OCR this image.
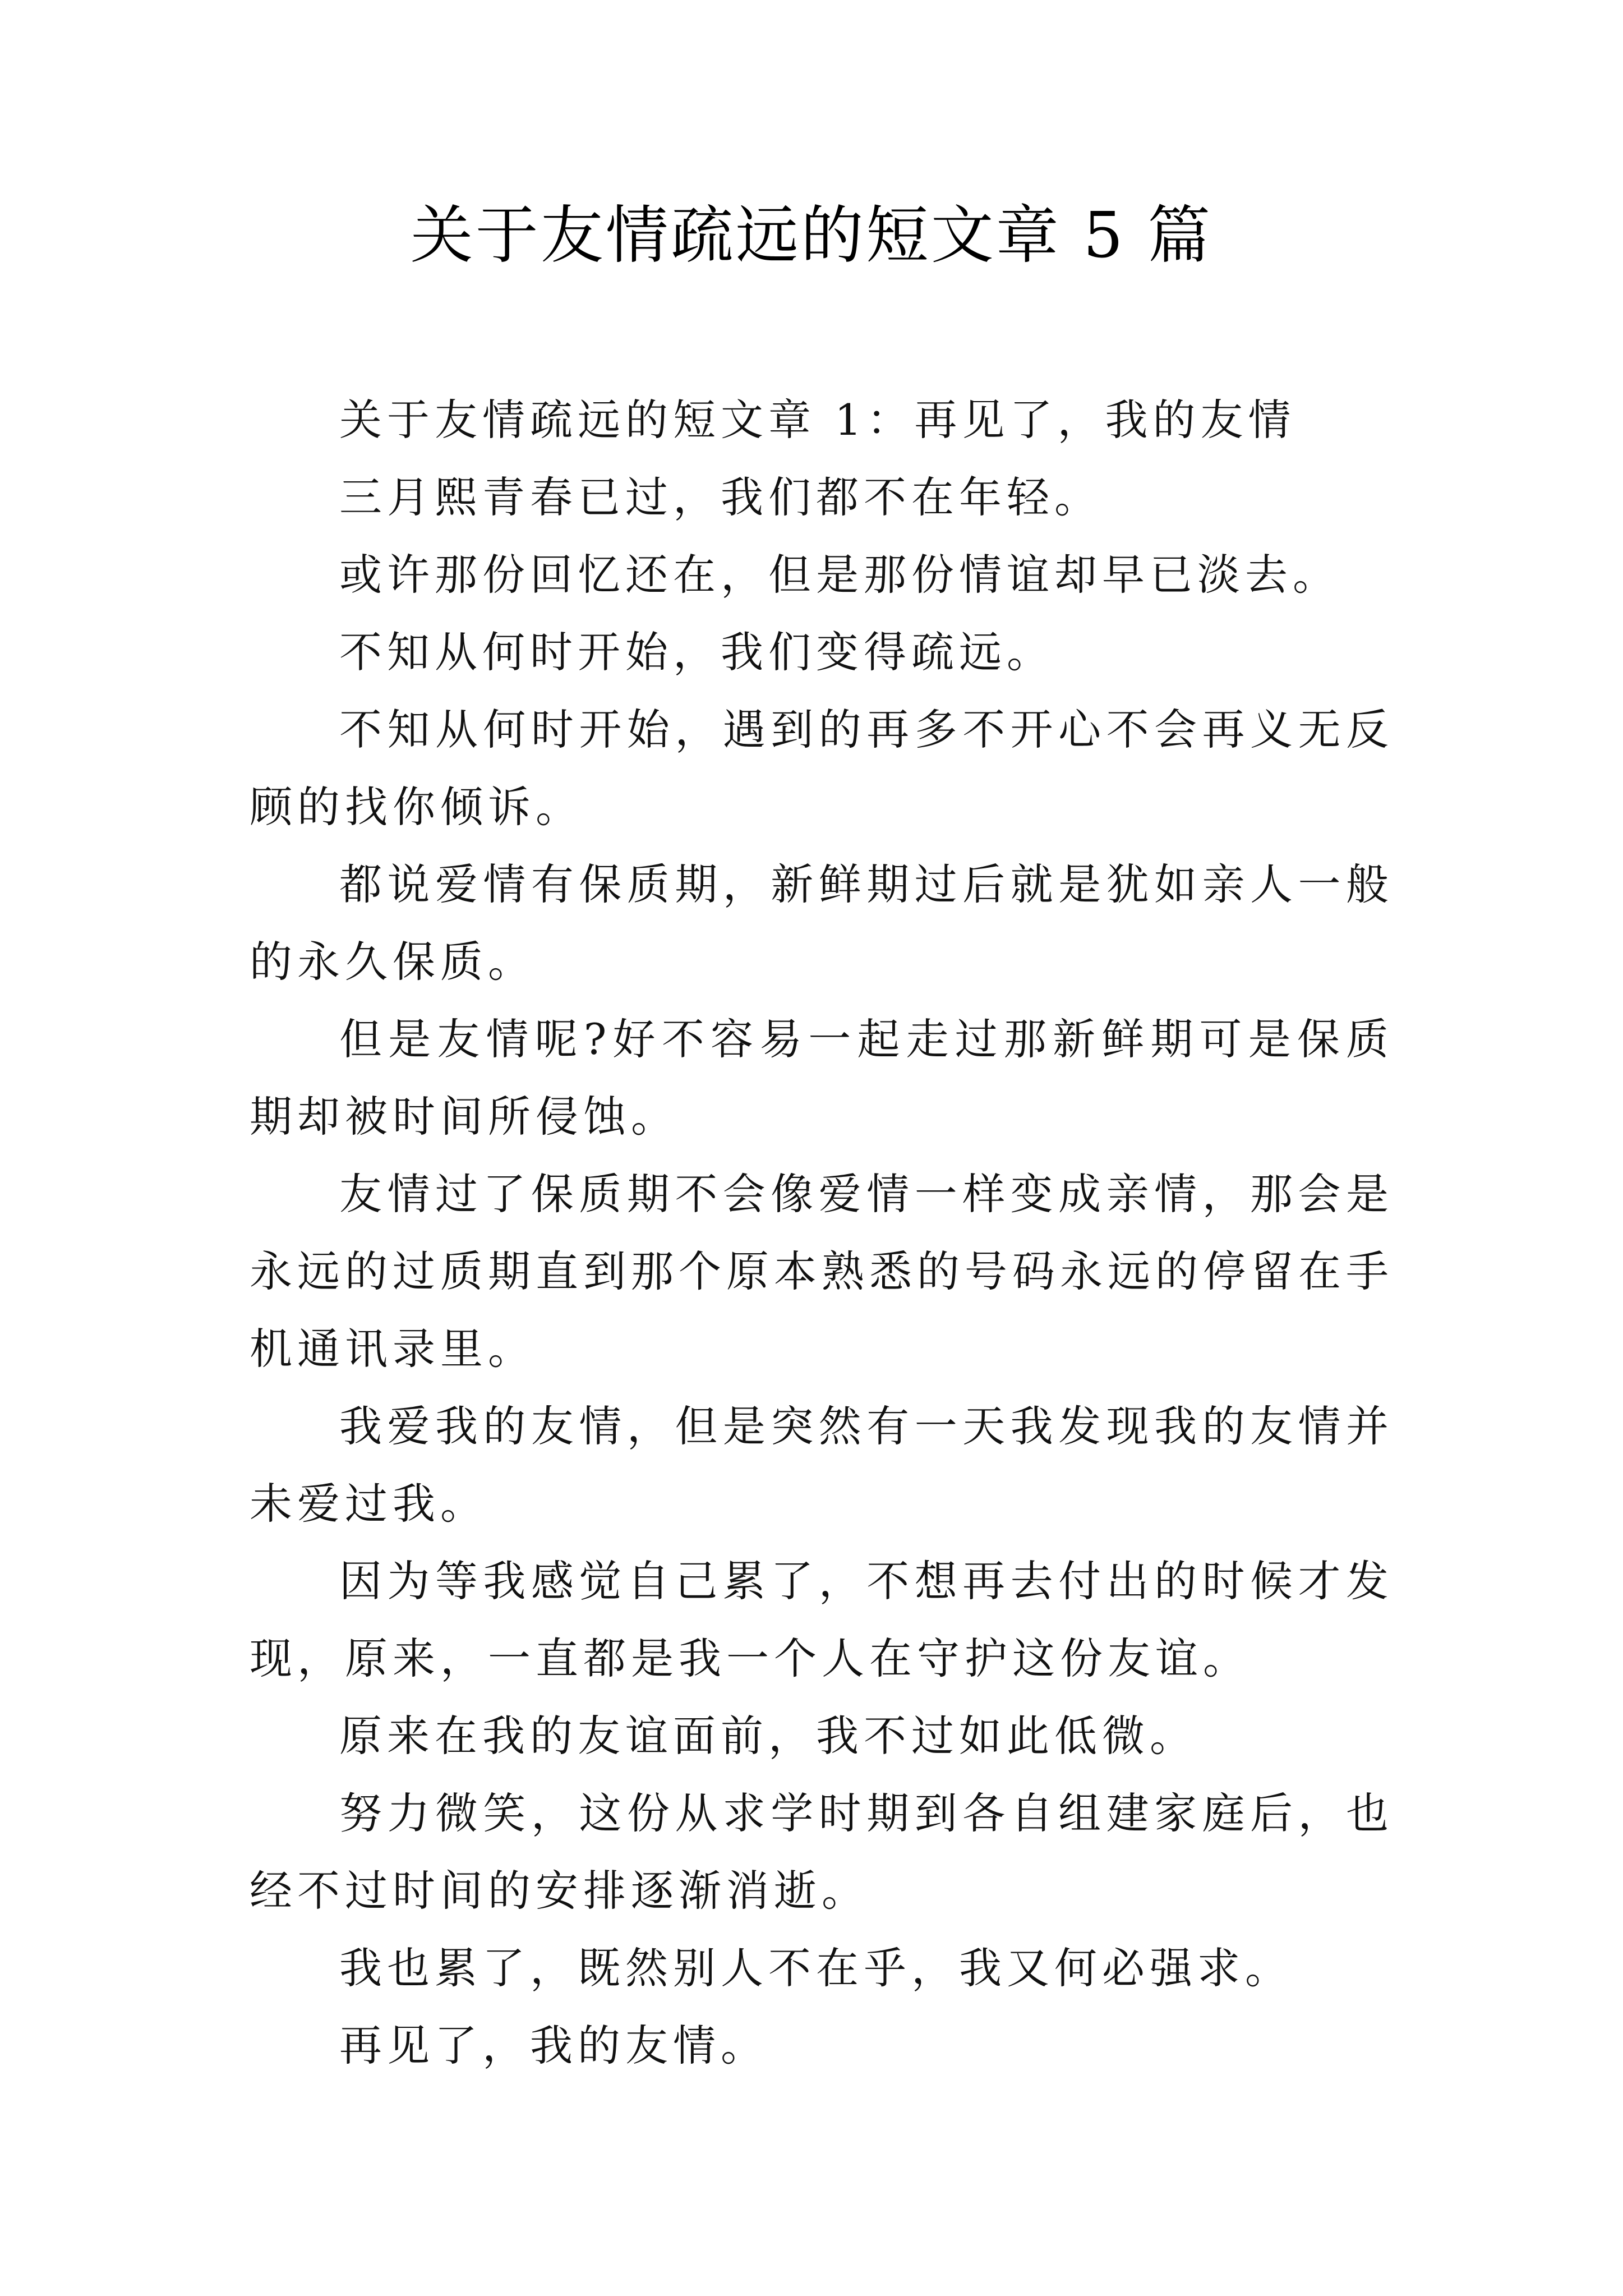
关于友情疏远的短文章 5 篇

关于友情疏远的短文章 1：再见了，我的友情

三月熙青春已过，我们都不在年轻。

或许那份回忆还在，但是那份情谊却早已淡去。

不知从何时开始，我们变得疏远。

不知从何时开始，遇到的再多不开心不会再义无反顾的找你倾诉。

都说爱情有保质期，新鲜期过后就是犹如亲人一般的永久保质。

但是友情呢?好不容易一起走过那新鲜期可是保质期却被时间所侵蚀。

友情过了保质期不会像爱情一样变成亲情，那会是永远的过质期直到那个原本熟悉的号码永远的停留在手机通讯录里。

我爱我的友情，但是突然有一天我发现我的友情并未爱过我。

因为等我感觉自己累了，不想再去付出的时候才发现，原来，一直都是我一个人在守护这份友谊。

原来在我的友谊面前，我不过如此低微。

努力微笑，这份从求学时期到各自组建家庭后，也经不过时间的安排逐渐消逝。

我也累了，既然别人不在乎，我又何必强求。

再见了，我的友情。
